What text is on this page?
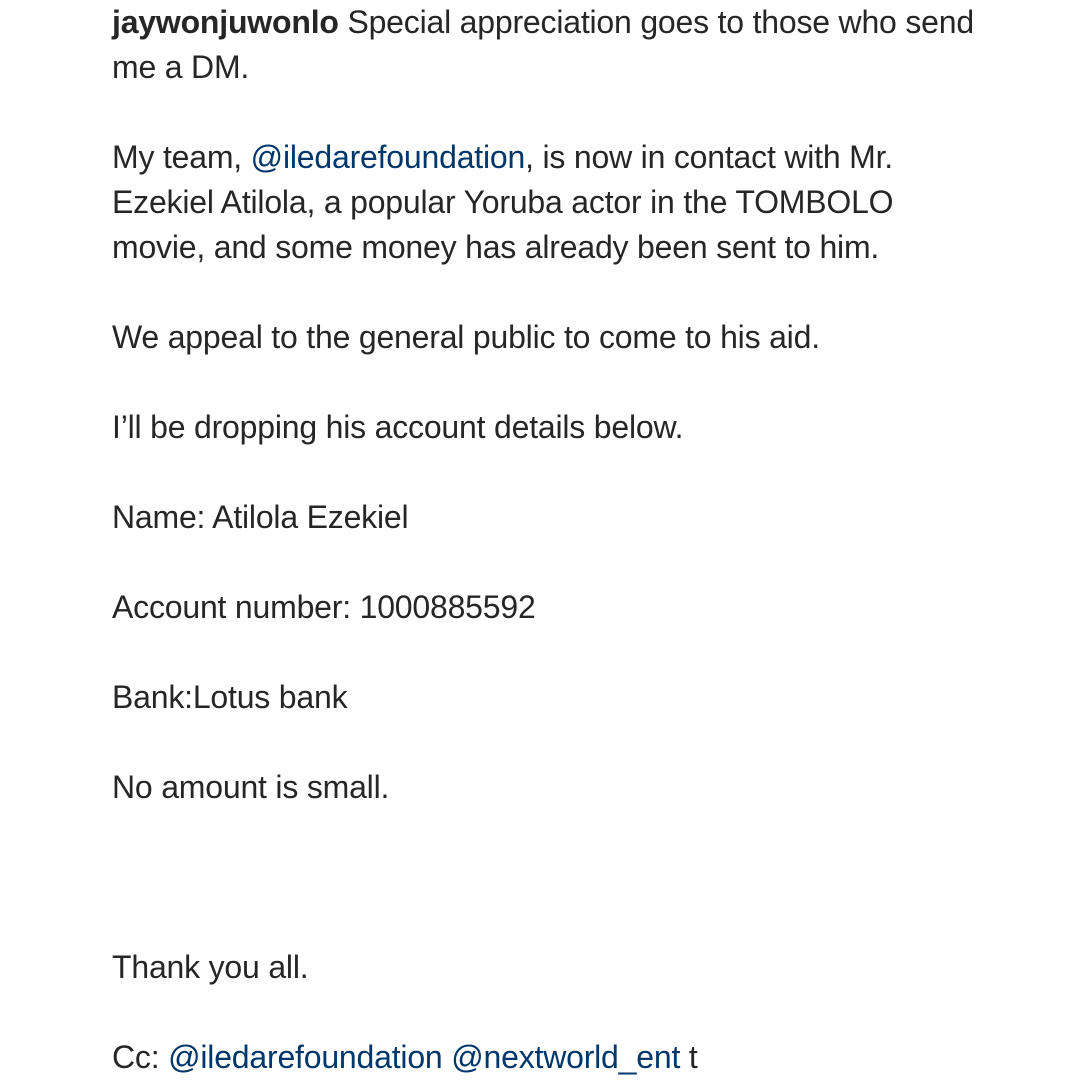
jaywonjuwonlo Special appreciation goes to those who send me a DM.

My team, @iledarefoundation, is now in contact with Mr. Ezekiel Atilola, a popular Yoruba actor in the TOMBOLO movie, and some money has already been sent to him.

We appeal to the general public to come to his aid.

I’ll be dropping his account details below.

Name: Atilola Ezekiel

Account number: 1000885592

Bank:Lotus bank

No amount is small.

Thank you all.

Cc: @iledarefoundation @nextworld_ent t
